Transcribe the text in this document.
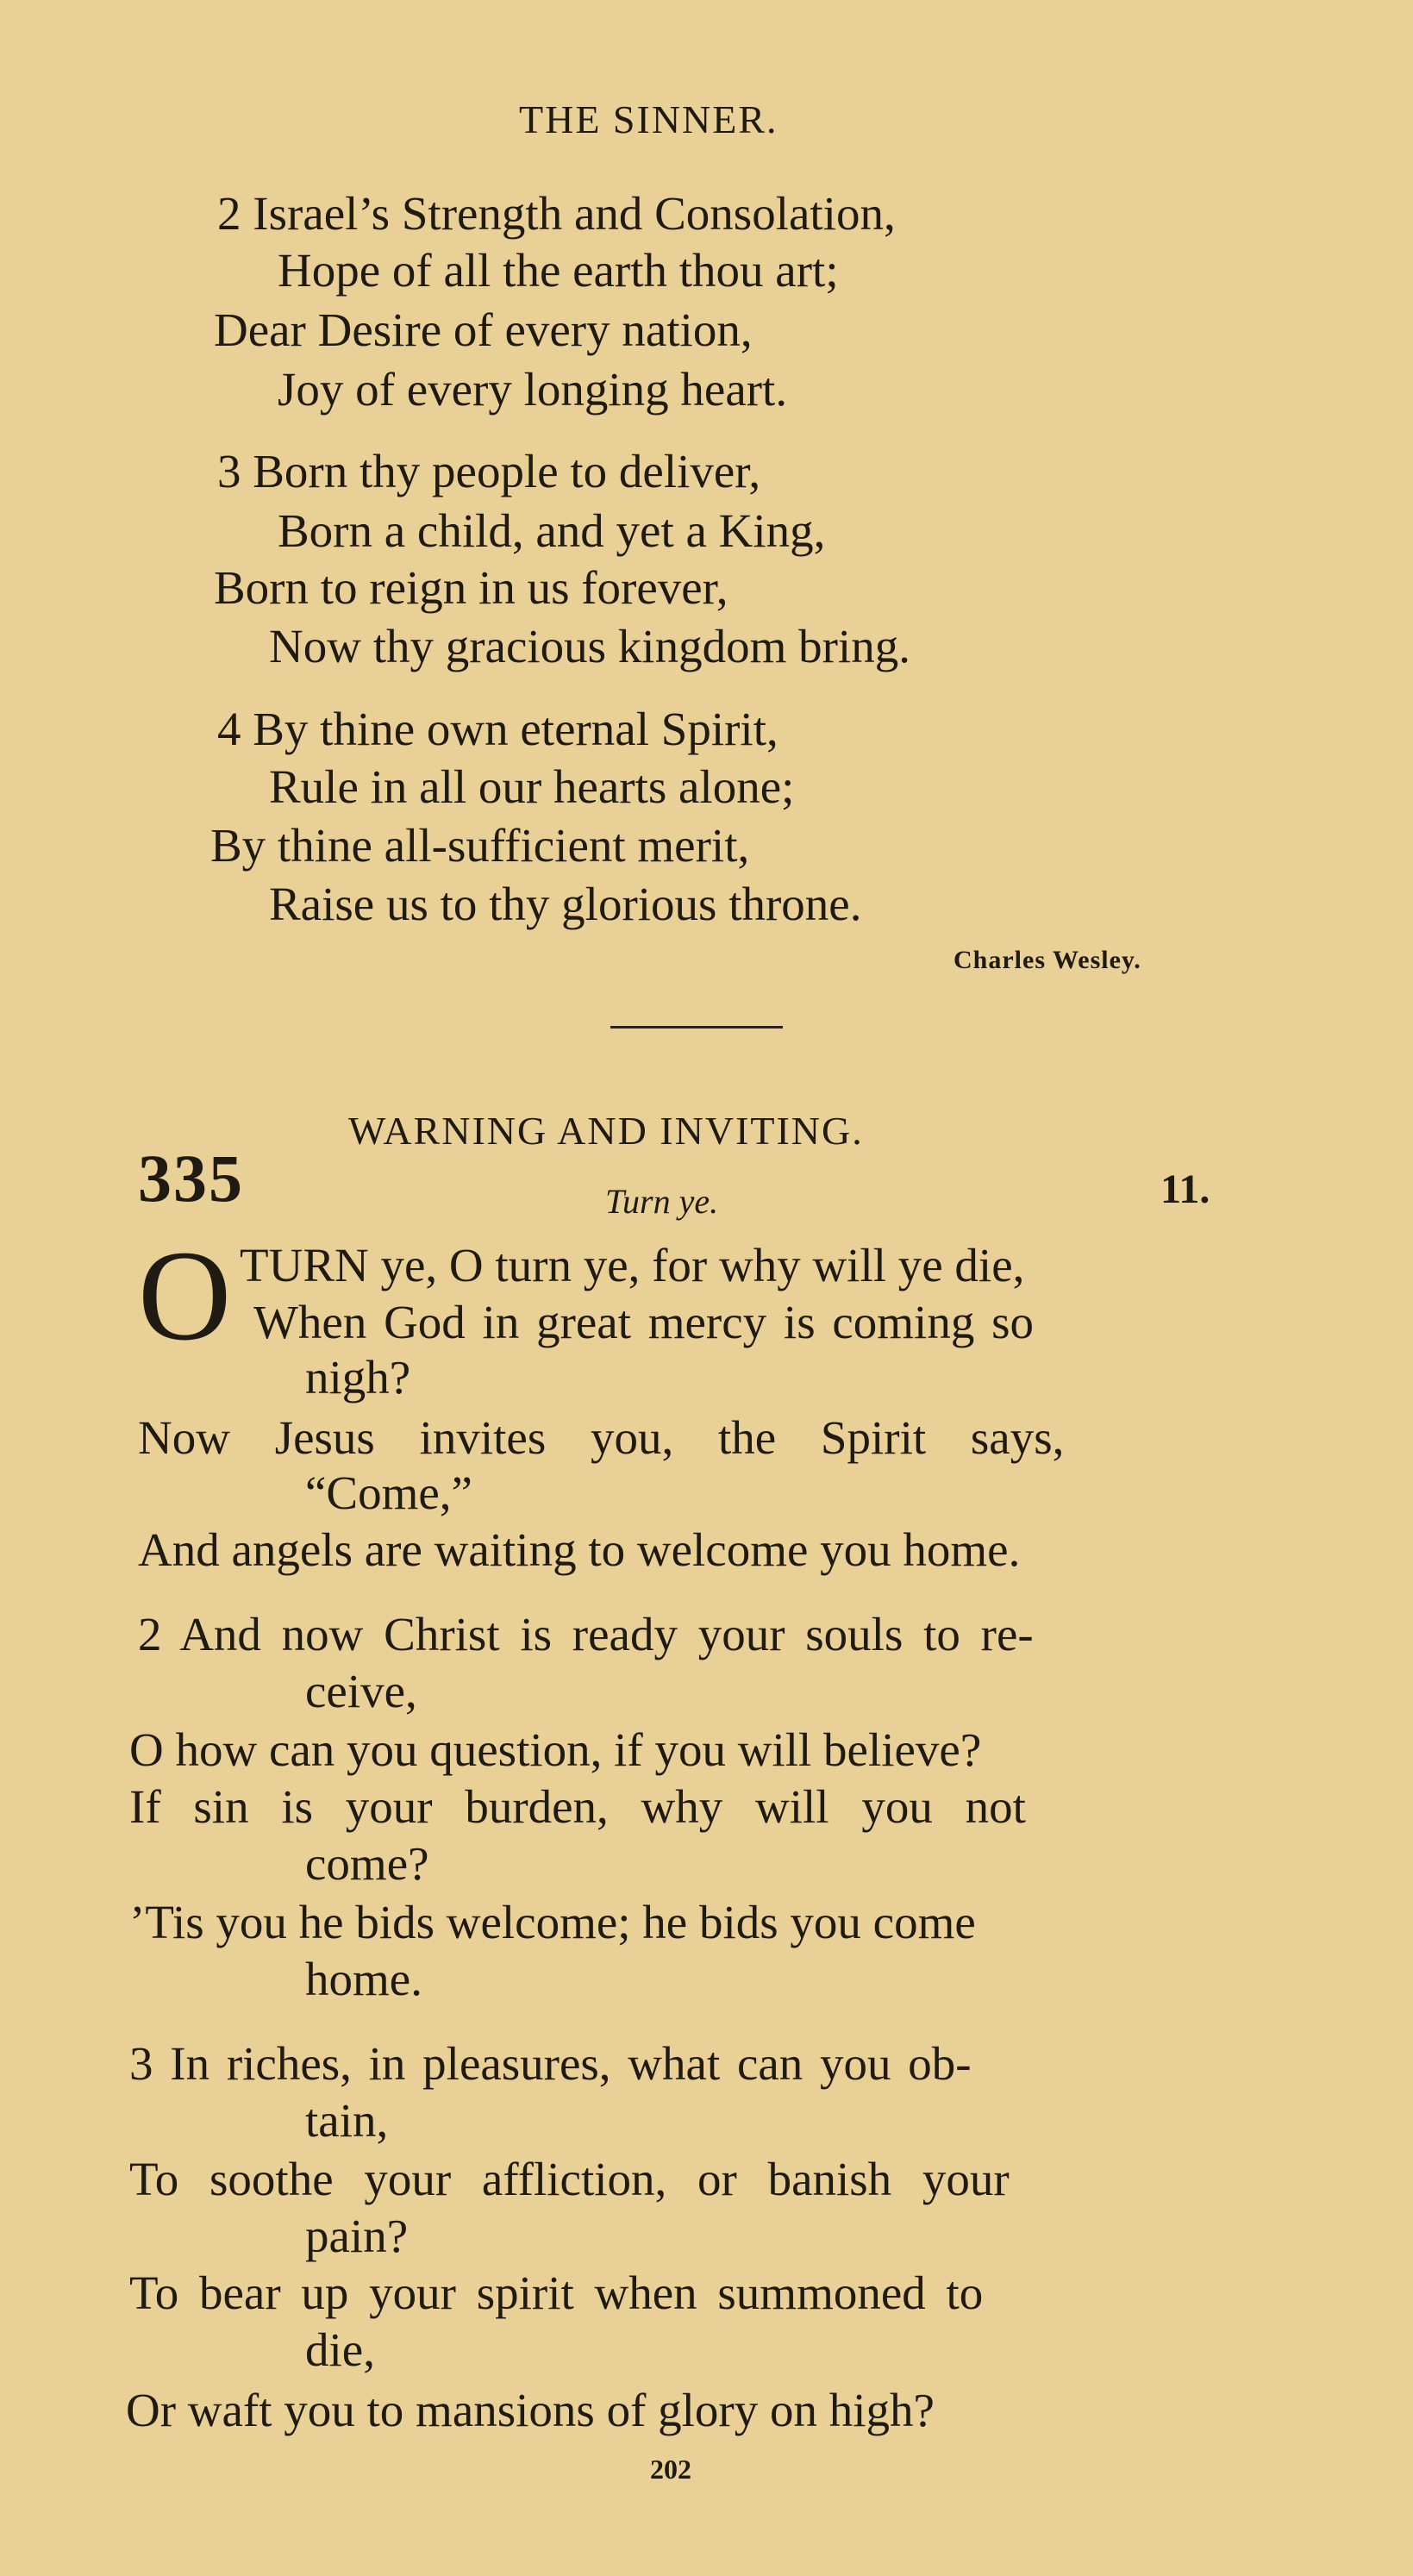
THE SINNER.
2 Israel’s Strength and Consolation,
Hope of all the earth thou art;
Dear Desire of every nation,
Joy of every longing heart.
3 Born thy people to deliver,
Born a child, and yet a King,
Born to reign in us forever,
Now thy gracious kingdom bring.
4 By thine own eternal Spirit,
Rule in all our hearts alone;
By thine all-sufficient merit,
Raise us to thy glorious throne.
Charles Wesley.
WARNING AND INVITING.
335	Turn ye.	11.
O TURN ye, O turn ye, for why will ye die,
When God in great mercy is coming so
nigh?
Now Jesus invites you, the Spirit says,
“Come,”
And angels are waiting to welcome you home.
2 And now Christ is ready your souls to re-
ceive,
O how can you question, if you will believe?
If sin is your burden, why will you not
come?
’Tis you he bids welcome; he bids you come
home.
3 In riches, in pleasures, what can you ob-
tain,
To soothe your affliction, or banish your
pain?
To bear up your spirit when summoned to
die,
Or waft you to mansions of glory on high?
202
